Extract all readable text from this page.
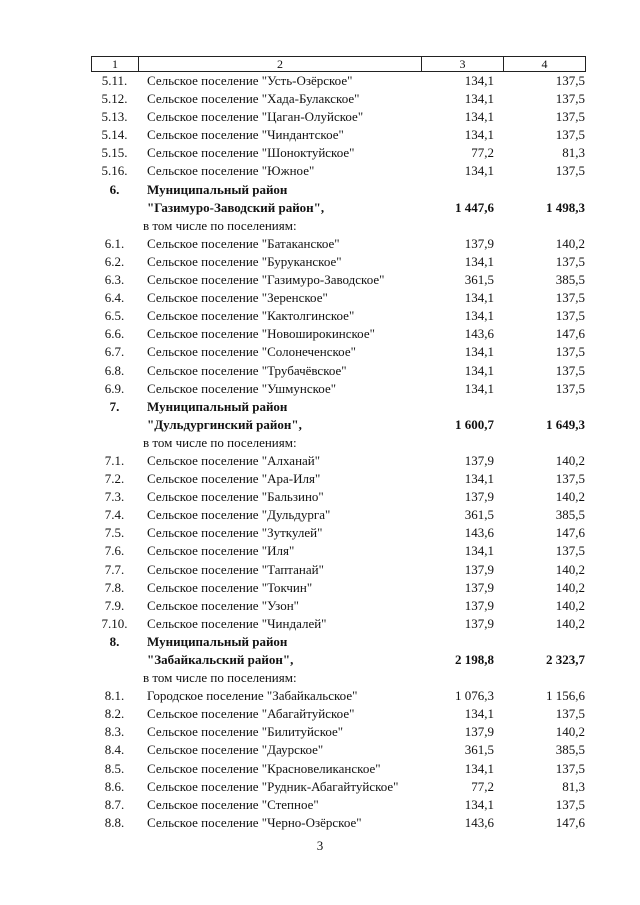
1	2	3	4
5.11.	Сельское поселение "Усть-Озёрское"	134,1	137,5
5.12.	Сельское поселение "Хада-Булакское"	134,1	137,5
5.13.	Сельское поселение "Цаган-Олуйское"	134,1	137,5
5.14.	Сельское поселение "Чиндантское"	134,1	137,5
5.15.	Сельское поселение "Шоноктуйское"	77,2	81,3
5.16.	Сельское поселение "Южное"	134,1	137,5
6.	Муниципальный район
"Газимуро-Заводский район",	1 447,6	1 498,3
в том числе по поселениям:
6.1.	Сельское поселение "Батаканское"	137,9	140,2
6.2.	Сельское поселение "Буруканское"	134,1	137,5
6.3.	Сельское поселение "Газимуро-Заводское"	361,5	385,5
6.4.	Сельское поселение "Зеренское"	134,1	137,5
6.5.	Сельское поселение "Кактолгинское"	134,1	137,5
6.6.	Сельское поселение "Новоширокинское"	143,6	147,6
6.7.	Сельское поселение "Солонеченское"	134,1	137,5
6.8.	Сельское поселение "Трубачёвское"	134,1	137,5
6.9.	Сельское поселение "Ушмунское"	134,1	137,5
7.	Муниципальный район
"Дульдургинский район",	1 600,7	1 649,3
в том числе по поселениям:
7.1.	Сельское поселение "Алханай"	137,9	140,2
7.2.	Сельское поселение "Ара-Иля"	134,1	137,5
7.3.	Сельское поселение "Бальзино"	137,9	140,2
7.4.	Сельское поселение "Дульдурга"	361,5	385,5
7.5.	Сельское поселение "Зуткулей"	143,6	147,6
7.6.	Сельское поселение "Иля"	134,1	137,5
7.7.	Сельское поселение "Таптанай"	137,9	140,2
7.8.	Сельское поселение "Токчин"	137,9	140,2
7.9.	Сельское поселение "Узон"	137,9	140,2
7.10.	Сельское поселение "Чиндалей"	137,9	140,2
8.	Муниципальный район
"Забайкальский район",	2 198,8	2 323,7
в том числе по поселениям:
8.1.	Городское поселение "Забайкальское"	1 076,3	1 156,6
8.2.	Сельское поселение "Абагайтуйское"	134,1	137,5
8.3.	Сельское поселение "Билитуйское"	137,9	140,2
8.4.	Сельское поселение "Даурское"	361,5	385,5
8.5.	Сельское поселение "Красновеликанское"	134,1	137,5
8.6.	Сельское поселение "Рудник-Абагайтуйское"	77,2	81,3
8.7.	Сельское поселение "Степное"	134,1	137,5
8.8.	Сельское поселение "Черно-Озёрское"	143,6	147,6
3
